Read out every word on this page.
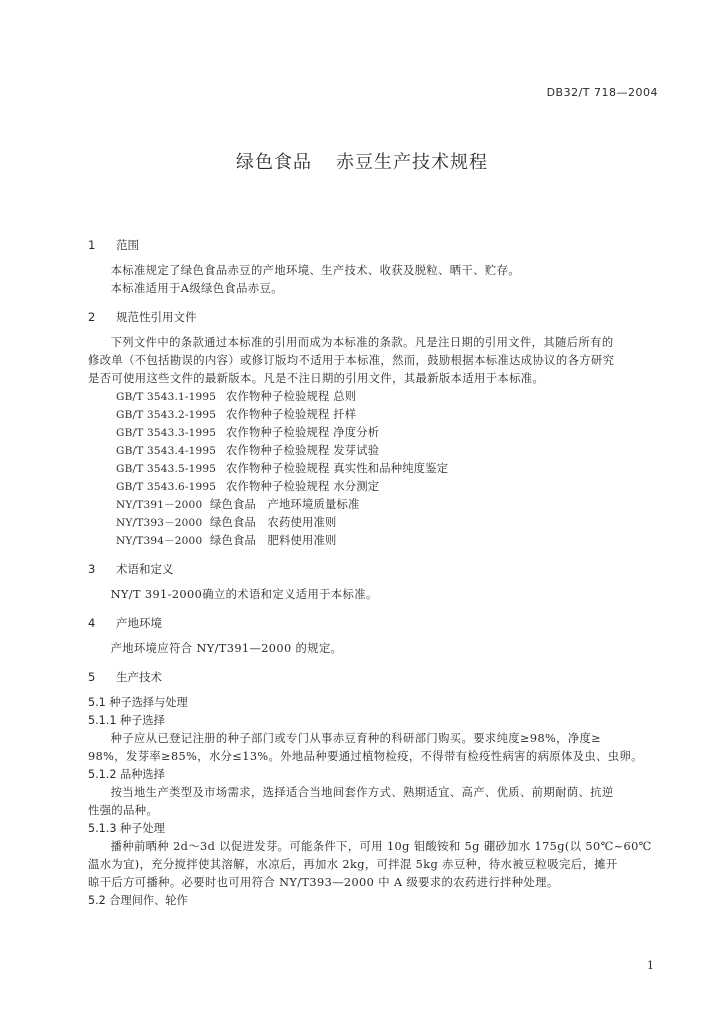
DB32/T 718—2004
绿色食品 赤豆生产技术规程
1 范围

本标准规定了绿色食品赤豆的产地环境、生产技术、收获及脱粒、晒干、贮存。

本标准适用于A级绿色食品赤豆。

2 规范性引用文件

下列文件中的条款通过本标准的引用而成为本标准的条款。凡是注日期的引用文件，其随后所有的

修改单（不包括勘误的内容）或修订版均不适用于本标准，然而，鼓励根据本标准达成协议的各方研究

是否可使用这些文件的最新版本。凡是不注日期的引用文件，其最新版本适用于本标准。

GB/T 3543.1-1995 农作物种子检验规程 总则
GB/T 3543.2-1995 农作物种子检验规程 扦样
GB/T 3543.3-1995 农作物种子检验规程 净度分析
GB/T 3543.4-1995 农作物种子检验规程 发芽试验
GB/T 3543.5-1995 农作物种子检验规程 真实性和品种纯度鉴定
GB/T 3543.6-1995 农作物种子检验规程 水分测定
NY/T391－2000 绿色食品　产地环境质量标准
NY/T393－2000 绿色食品　农药使用准则
NY/T394－2000 绿色食品　肥料使用准则
3 术语和定义

NY/T 391-2000确立的术语和定义适用于本标准。

4 产地环境

产地环境应符合 NY/T391—2000 的规定。

5 生产技术
5.1 种子选择与处理
5.1.1 种子选择

种子应从已登记注册的种子部门或专门从事赤豆育种的科研部门购买。要求纯度≥98%，净度≥

98%，发芽率≥85%，水分≤13%。外地品种要通过植物检疫，不得带有检疫性病害的病原体及虫、虫卵。

5.1.2 品种选择

按当地生产类型及市场需求，选择适合当地间套作方式、熟期适宜、高产、优质、前期耐荫、抗逆

性强的品种。

5.1.3 种子处理

播种前晒种 2d～3d 以促进发芽。可能条件下，可用 10g 钼酸铵和 5g 硼砂加水 175g(以 50℃~60℃

温水为宜)，充分搅拌使其溶解，水凉后，再加水 2kg，可拌混 5kg 赤豆种，待水被豆粒吸完后，摊开

晾干后方可播种。必要时也可用符合 NY/T393—2000 中 A 级要求的农药进行拌种处理。

5.2 合理间作、轮作
1
